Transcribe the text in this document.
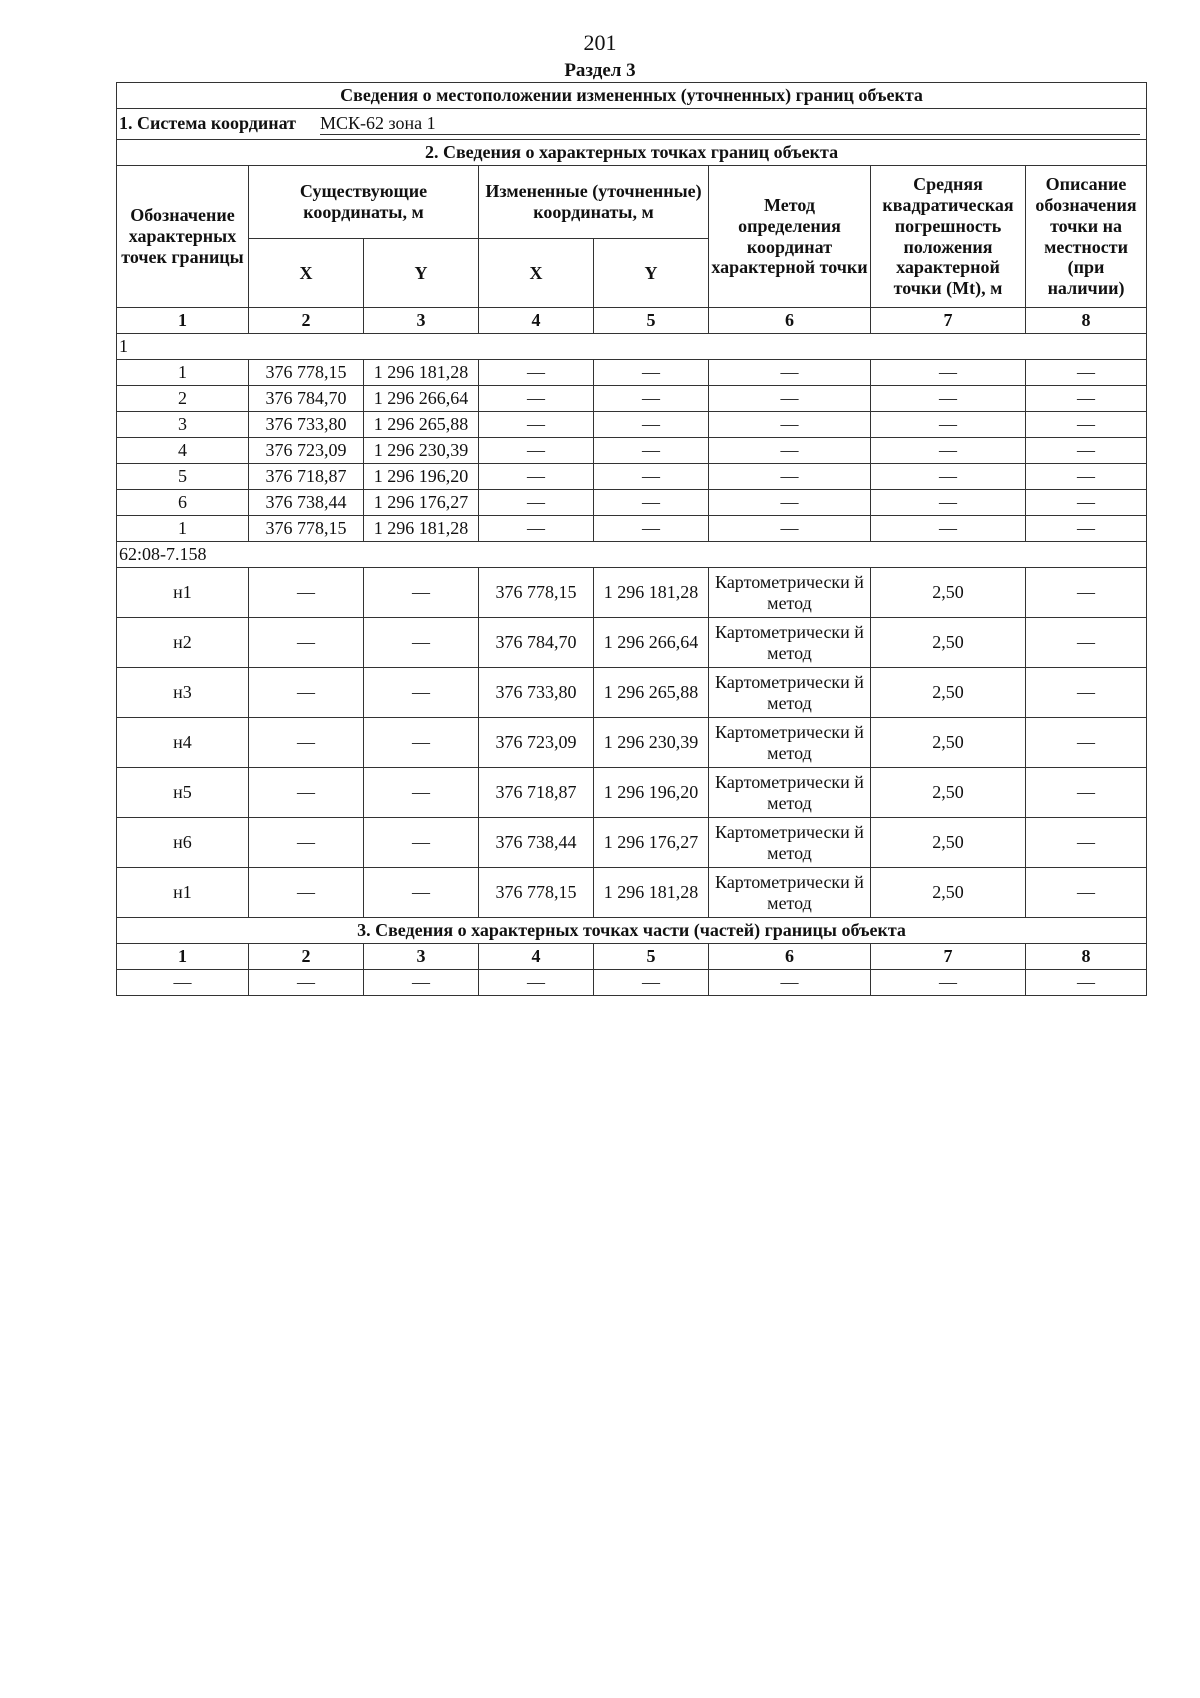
201
Раздел 3
Сведения о местоположении измененных (уточненных) границ объекта							
1. Система координат МСК-62 зона 1							
2. Сведения о характерных точках границ объекта							
Обозначение характерных точек границы	Существующие координаты, м		Измененные (уточненные) координаты, м		Метод определения координат характерной точки	Средняя квадратическая погрешность положения характерной точки (Mt), м	Описание обозначения точки на местности (при наличии)
	X	Y	X	Y			
1	2	3	4	5	6	7	8
1							
1	376 778,15	1 296 181,28	—	—	—	—	—
2	376 784,70	1 296 266,64	—	—	—	—	—
3	376 733,80	1 296 265,88	—	—	—	—	—
4	376 723,09	1 296 230,39	—	—	—	—	—
5	376 718,87	1 296 196,20	—	—	—	—	—
6	376 738,44	1 296 176,27	—	—	—	—	—
1	376 778,15	1 296 181,28	—	—	—	—	—
62:08-7.158							
н1	—	—	376 778,15	1 296 181,28	Картометрически й метод	2,50	—
н2	—	—	376 784,70	1 296 266,64	Картометрически й метод	2,50	—
н3	—	—	376 733,80	1 296 265,88	Картометрически й метод	2,50	—
н4	—	—	376 723,09	1 296 230,39	Картометрически й метод	2,50	—
н5	—	—	376 718,87	1 296 196,20	Картометрически й метод	2,50	—
н6	—	—	376 738,44	1 296 176,27	Картометрически й метод	2,50	—
н1	—	—	376 778,15	1 296 181,28	Картометрически й метод	2,50	—
3. Сведения о характерных точках части (частей) границы объекта							
1	2	3	4	5	6	7	8
—	—	—	—	—	—	—	—
